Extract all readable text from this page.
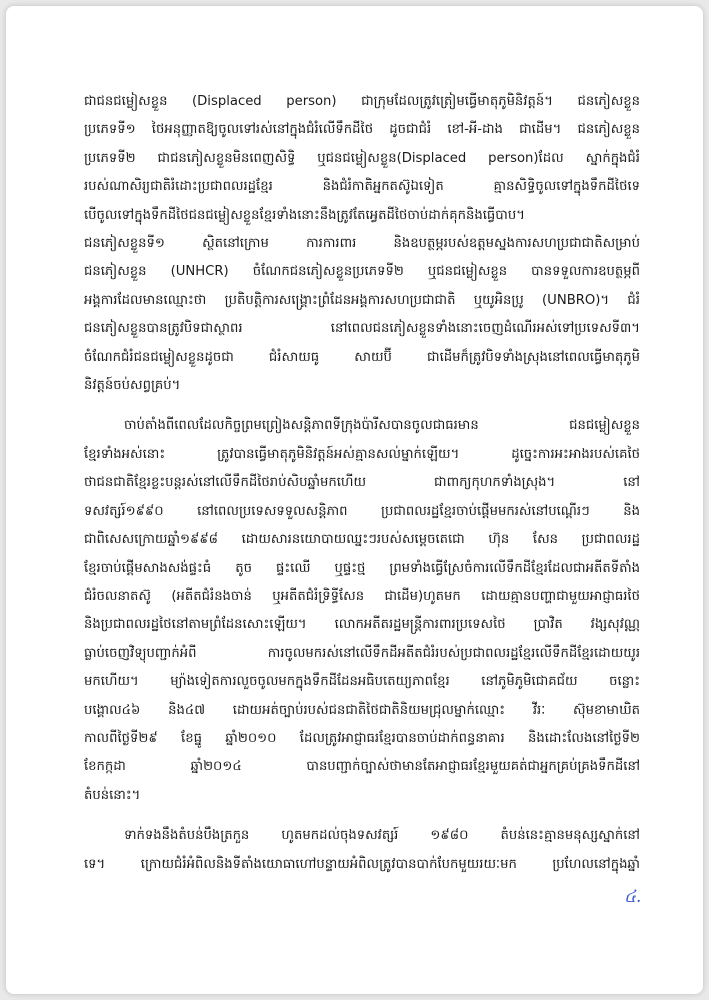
ជាជនជម្លៀសខ្លួន (Displaced person) ជាក្រុមដែលត្រូវត្រៀមធ្វើមាតុភូមិនិវត្តន៍។ ជនភៀសខ្លួន
ប្រភេទទី១ ថៃអនុញ្ញាតឱ្យចូលទៅរស់នៅក្នុងជំរំលើទឹកដីថៃ ដូចជាជំរំ ខៅ-អី-ដាង ជាដើម។ ជនភៀសខ្លួន
ប្រភេទទី២ ជាជនភៀសខ្លួនមិនពេញសិទ្ធិ ឬជនជម្លៀសខ្លួន(Displaced person)ដែល ស្នាក់ក្នុងជំរំ
របស់ណាសិរ្យជាតិរំដោះប្រជាពលរដ្ឋខ្មែរ និងជំរំកាតិអ្នកតស៊ូឯទៀត គ្មានសិទ្ធិចូលទៅក្នុងទឹកដីថៃទេ
បើចូលទៅក្នុងទឹកដីថៃជនជម្លៀសខ្លួនខ្មែរទាំងនោះនឹងត្រូវតែអ្វេតដីថៃចាប់ដាក់គុកនិងធ្វើបាប។
ជនភៀសខ្លួនទី១ ស្ថិតនៅក្រោម ការការពារ និងឧបត្ថម្ភរបស់ឧត្តមស្នងការសហប្រជាជាតិសម្រាប់
ជនភៀសខ្លួន (UNHCR) ចំណែកជនភៀសខ្លួនប្រភេទទី២ ឬជនជម្លៀសខ្លួន បានទទួលការឧបត្ថម្ភពី
អង្គការដែលមានឈ្មោះថា ប្រតិបត្តិការសង្គ្រោះព្រំដែនអង្គការសហប្រជាជាតិ ឬយូអិនប្រូ (UNBRO)។ ជំរំ
ជនភៀសខ្លួនបានត្រូវបិទជាស្ថាពរ នៅពេលជនភៀសខ្លួនទាំងនោះចេញដំណើរអស់ទៅប្រទេសទី៣។
ចំណែកជំរំជនជម្លៀសខ្លួនដូចជា ជំរំសាយធូ សាយប៊ី ជាដើមក៏ត្រូវបិទទាំងស្រុងនៅពេលធ្វើមាតុភូមិ
និវត្តន៍ចប់សព្វគ្រប់។
ចាប់តាំងពីពេលដែលកិច្ចព្រមព្រៀងសន្តិភាពទីក្រុងប៉ារីសបានចូលជាធរមាន ជនជម្លៀសខ្លួន
ខ្មែរទាំងអស់នោះ ត្រូវបានធ្វើមាតុភូមិនិវត្តន៍អស់គ្មានសល់ម្នាក់ឡើយ។ ដូច្នេះការអះអាងរបស់គេថៃ
ថាជនជាតិខ្មែរខ្លះបន្តរស់នៅលើទឹកដីថៃរាប់សិបឆ្នាំមកហើយ ជាពាក្យកុហកទាំងស្រុង។ នៅ
ទសវត្សរ៍១៩៩០ នៅពេលប្រទេសទទួលសន្តិភាព ប្រជាពលរដ្ឋខ្មែរចាប់ផ្តើមមករស់នៅបណ្តើរៗ និង
ជាពិសេសក្រោយឆ្នាំ១៩៩៨ ដោយសារនយោបាយឈ្នះៗរបស់សម្តេចតេជោ ហ៊ុន សែន ប្រជាពលរដ្ឋ
ខ្មែរចាប់ផ្តើមសាងសង់ផ្ទះធំ តូច ផ្ទះឈើ ឬផ្ទះថ្ម ព្រមទាំងធ្វើស្រែចំការលើទឹកដីខ្មែរដែលជាអតីតទីតាំង
ជំរំចលនាតស៊ូ (អតីតជំរំនងចាន់ ឬអតីតជំរំទ្រិទ្ធីសែន ជាដើម)ហូតមក ដោយគ្មានបញ្ហាជាមួយអាជ្ញាធរថៃ
និងប្រជាពលរដ្ឋថៃនៅតាមព្រំដែនសោះឡើយ។ លោកអតីតរដ្ឋមន្ត្រីការពារប្រទេសថៃ ប្រាវិត វង្សសុវណ្ណ
ធ្លាប់ចេញវិទ្យុបញ្ជាក់អំពី ការចូលមករស់នៅលើទឹកដីអតីតជំរំរបស់ប្រជាពលរដ្ឋខ្មែរលើទឹកដីខ្មែរដោយយូរ
មកហើយ។ ម្យ៉ាងទៀតការលួចចូលមកក្នុងទឹកដីដែនអធិបតេយ្យភាពខ្មែរ នៅភូមិភូមិជោគជ័យ ចន្លោះ
បង្គោល៤៦ និង៤៧ ដោយអត់ច្បាប់របស់ជនជាតិថៃជាតិនិយមជ្រុលម្នាក់ឈ្មោះ វីរៈ ស៊ុមខាមាឃិត
កាលពីថ្ងៃទី២៩ ខែធ្នូ ឆ្នាំ២០១០ ដែលត្រូវអាជ្ញាធរខ្មែរបានចាប់ដាក់ពន្ធនាគារ និងដោះលែងនៅថ្ងៃទី២
ខែកក្កដា ឆ្នាំ២០១៤ បានបញ្ជាក់ច្បាស់ថាមានតែអាជ្ញាធរខ្មែរមួយគត់ជាអ្នកគ្រប់គ្រងទឹកដីនៅ
តំបន់នោះ។
ទាក់ទងនឹងតំបន់បឹងត្រកួន ហូតមកដល់ចុងទសវត្សរ៍ ១៩៨០ តំបន់នេះគ្មានមនុស្សស្នាក់នៅ
ទេ។ ក្រោយជំរំអំពិលនិងទីតាំងយោធាហៅបន្ទាយអំពិលត្រូវបានបាក់បែកមួយរយៈមក ប្រហែលនៅក្នុងឆ្នាំ
៤.
